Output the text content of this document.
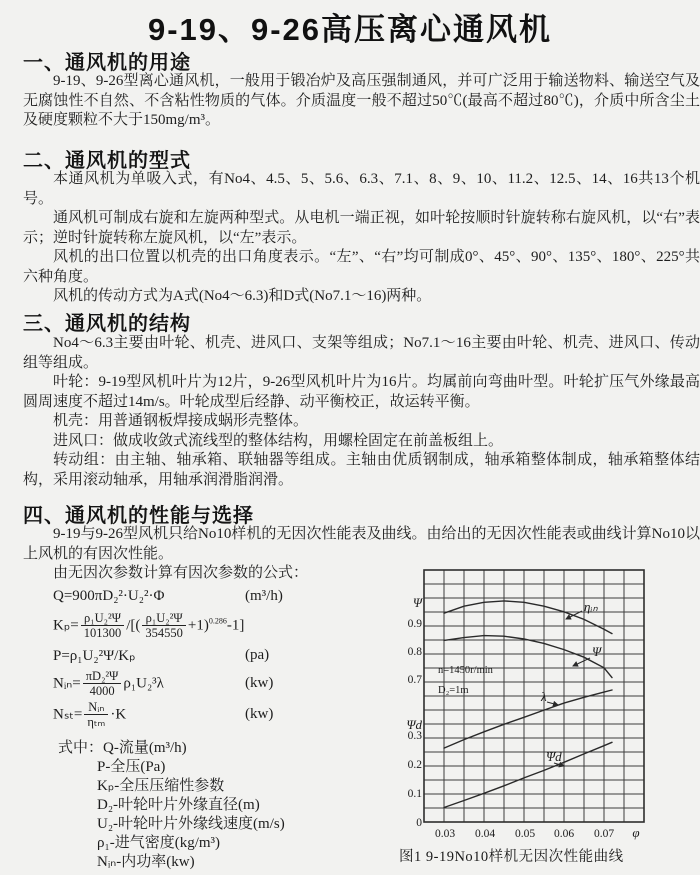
9-19、9-26高压离心通风机
一、通风机的用途

9-19、9-26型离心通风机，一般用于锻冶炉及高压强制通风，并可广泛用于输送物料、输送空气及无腐蚀性不自然、不含粘性物质的气体。介质温度一般不超过50℃(最高不超过80℃)，介质中所含尘土及硬度颗粒不大于150mg/m³。

二、通风机的型式

本通风机为单吸入式，有No4、4.5、5、5.6、6.3、7.1、8、9、10、11.2、12.5、14、16共13个机号。

通风机可制成右旋和左旋两种型式。从电机一端正视，如叶轮按顺时针旋转称右旋风机，以“右”表示；逆时针旋转称左旋风机，以“左”表示。

风机的出口位置以机壳的出口角度表示。“左”、“右”均可制成0°、45°、90°、135°、180°、225°共六种角度。

风机的传动方式为A式(No4～6.3)和D式(No7.1～16)两种。

三、通风机的结构

No4～6.3主要由叶轮、机壳、进风口、支架等组成；No7.1～16主要由叶轮、机壳、进风口、传动组等组成。

叶轮：9-19型风机叶片为12片，9-26型风机叶片为16片。均属前向弯曲叶型。叶轮扩压气外缘最高圆周速度不超过14m/s。叶轮成型后经静、动平衡校正，故运转平衡。

机壳：用普通钢板焊接成蜗形壳整体。

进风口：做成收敛式流线型的整体结构，用螺栓固定在前盖板组上。

转动组：由主轴、轴承箱、联轴器等组成。主轴由优质钢制成，轴承箱整体制成，轴承箱整体结构，采用滚动轴承，用轴承润滑脂润滑。

四、通风机的性能与选择

9-19与9-26型风机只给No10样机的无因次性能表及曲线。由给出的无因次性能表或曲线计算No10以上风机的有因次性能。

由无因次参数计算有因次参数的公式：

Q=900πD₂²·U₂²·Φ	(m³/h)
$K_p= \frac{\text{ρ₁U₂²Ψ}}{101300}$ /[( $\frac{\text{ρ₁U₂²Ψ}}{354550} +1)^{0.286}-1$]
P=ρ₁U₂²Ψ/Kₚ	(pa)
Nᵢₙ= $\frac{\text{πD₂²Ψ}}{4000} \rho_1U_2^3\lambda$	(kw)
$N_{st}= \frac{\text{Nᵢₙ}}{\text{ηₜₘ}} \cdot K$	(kw)
式中：Q-流量(m³/h)
P-全压(Pa)
Kₚ-全压压缩性参数
D₂-叶轮叶片外缘直径(m)
U₂-叶轮叶片外缘线速度(m/s)
ρ₁-进气密度(kg/m³)
Nᵢₙ-内功率(kw)
Ψ
0.9
0.8
0.7
Ψd
0.3
0.2
0.1
0
0.03 0.04 0.05 0.06 0.07 φ
n=1450r/min
D₂=1m
ηᵢₙ
Ψ
λ
Ψd
图1 9-19No10样机无因次性能曲线
